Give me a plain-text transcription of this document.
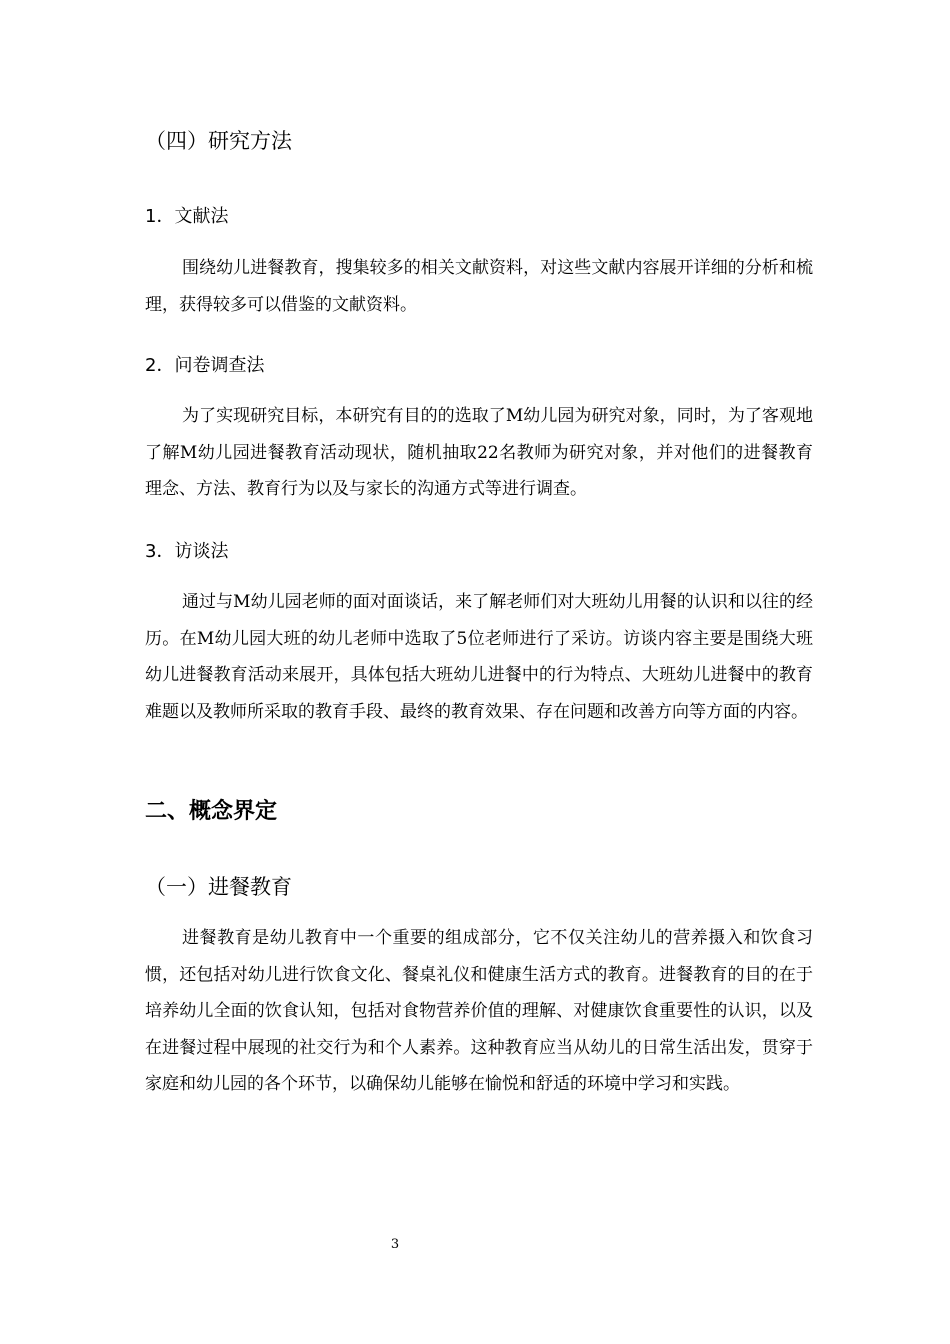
（四）研究方法
1．文献法

围绕幼儿进餐教育，搜集较多的相关文献资料，对这些文献内容展开详细的分析和梳理，获得较多可以借鉴的文献资料。

2．问卷调查法

为了实现研究目标，本研究有目的的选取了M幼儿园为研究对象，同时，为了客观地了解M幼儿园进餐教育活动现状，随机抽取22名教师为研究对象，并对他们的进餐教育理念、方法、教育行为以及与家长的沟通方式等进行调查。

3．访谈法

通过与M幼儿园老师的面对面谈话，来了解老师们对大班幼儿用餐的认识和以往的经历。在M幼儿园大班的幼儿老师中选取了5位老师进行了采访。访谈内容主要是围绕大班幼儿进餐教育活动来展开，具体包括大班幼儿进餐中的行为特点、大班幼儿进餐中的教育难题以及教师所采取的教育手段、最终的教育效果、存在问题和改善方向等方面的内容。

二、概念界定
（一）进餐教育

进餐教育是幼儿教育中一个重要的组成部分，它不仅关注幼儿的营养摄入和饮食习惯，还包括对幼儿进行饮食文化、餐桌礼仪和健康生活方式的教育。进餐教育的目的在于培养幼儿全面的饮食认知，包括对食物营养价值的理解、对健康饮食重要性的认识，以及在进餐过程中展现的社交行为和个人素养。这种教育应当从幼儿的日常生活出发，贯穿于家庭和幼儿园的各个环节，以确保幼儿能够在愉悦和舒适的环境中学习和实践。

3
